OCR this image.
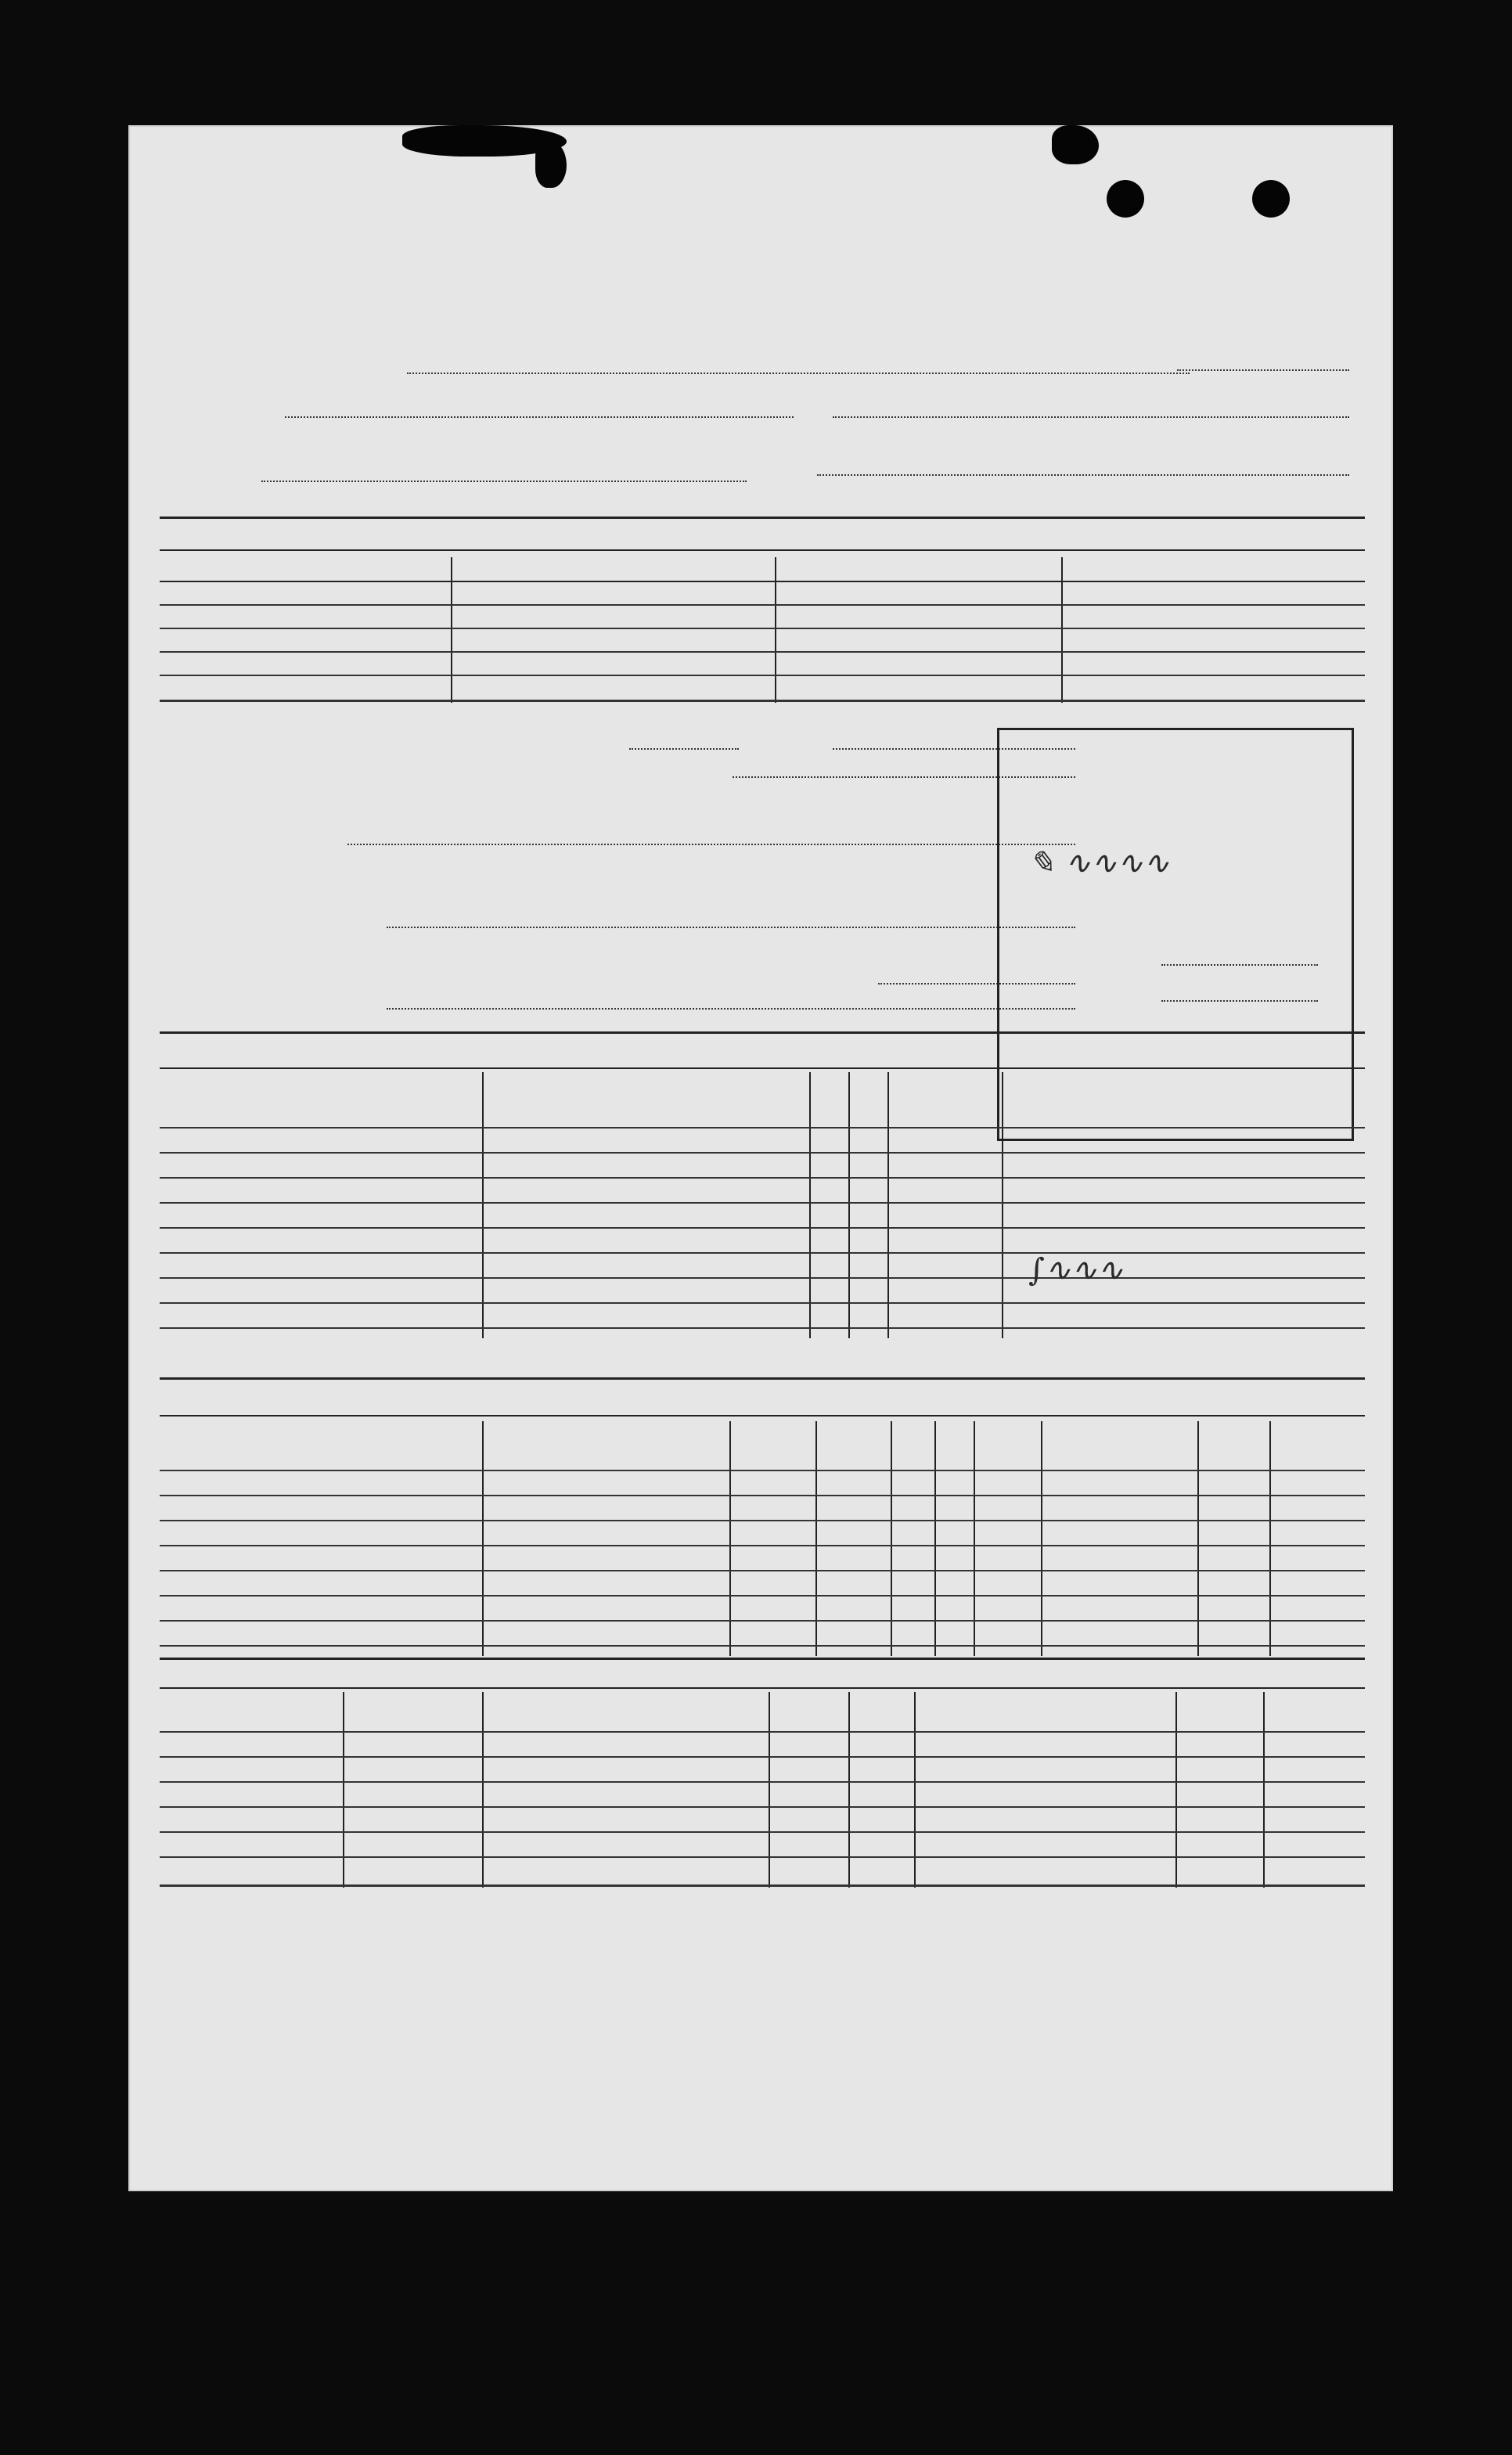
✎ ∿∿∿∿
∫∿∿∿
